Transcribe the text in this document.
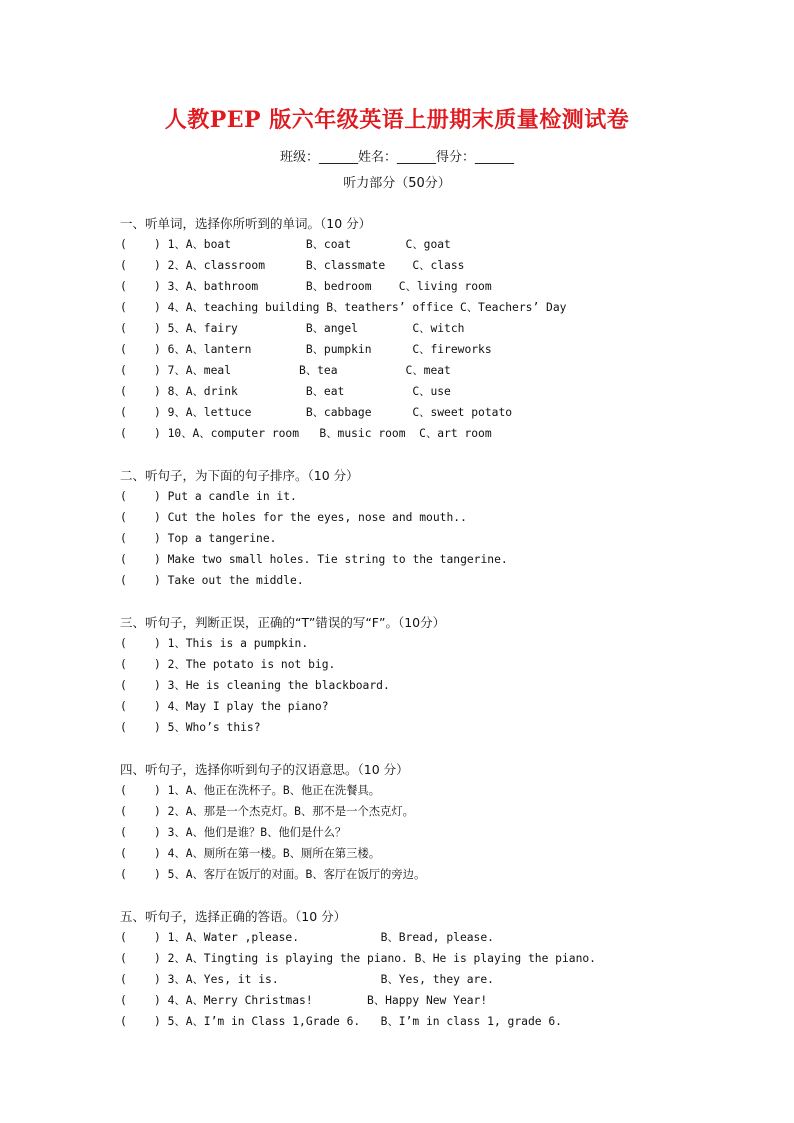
人教PEP 版六年级英语上册期末质量检测试卷
班级：______姓名：______得分：______
听力部分（50分）
一、听单词，选择你所听到的单词。（10 分）
(    ) 1、A、boat           B、coat        C、goat
(    ) 2、A、classroom      B、classmate    C、class
(    ) 3、A、bathroom       B、bedroom    C、living room
(    ) 4、A、teaching building B、teathers’ office C、Teachers’ Day
(    ) 5、A、fairy          B、angel        C、witch
(    ) 6、A、lantern        B、pumpkin      C、fireworks
(    ) 7、A、meal          B、tea          C、meat
(    ) 8、A、drink          B、eat          C、use
(    ) 9、A、lettuce        B、cabbage      C、sweet potato
(    ) 10、A、computer room   B、music room  C、art room
二、听句子，为下面的句子排序。（10 分）
(    ) Put a candle in it.
(    ) Cut the holes for the eyes, nose and mouth..
(    ) Top a tangerine.
(    ) Make two small holes. Tie string to the tangerine.
(    ) Take out the middle.
三、听句子，判断正误，正确的“T”错误的写“F”。（10分）
(    ) 1、This is a pumpkin.
(    ) 2、The potato is not big.
(    ) 3、He is cleaning the blackboard.
(    ) 4、May I play the piano?
(    ) 5、Who’s this?
四、听句子，选择你听到句子的汉语意思。（10 分）
(    ) 1、A、他正在洗杯子。B、他正在洗餐具。
(    ) 2、A、那是一个杰克灯。B、那不是一个杰克灯。
(    ) 3、A、他们是谁？B、他们是什么？
(    ) 4、A、厕所在第一楼。B、厕所在第三楼。
(    ) 5、A、客厅在饭厅的对面。B、客厅在饭厅的旁边。
五、听句子，选择正确的答语。（10 分）
(    ) 1、A、Water ,please.            B、Bread, please.
(    ) 2、A、Tingting is playing the piano. B、He is playing the piano.
(    ) 3、A、Yes, it is.               B、Yes, they are.
(    ) 4、A、Merry Christmas!        B、Happy New Year!
(    ) 5、A、I’m in Class 1,Grade 6.   B、I’m in class 1, grade 6.
